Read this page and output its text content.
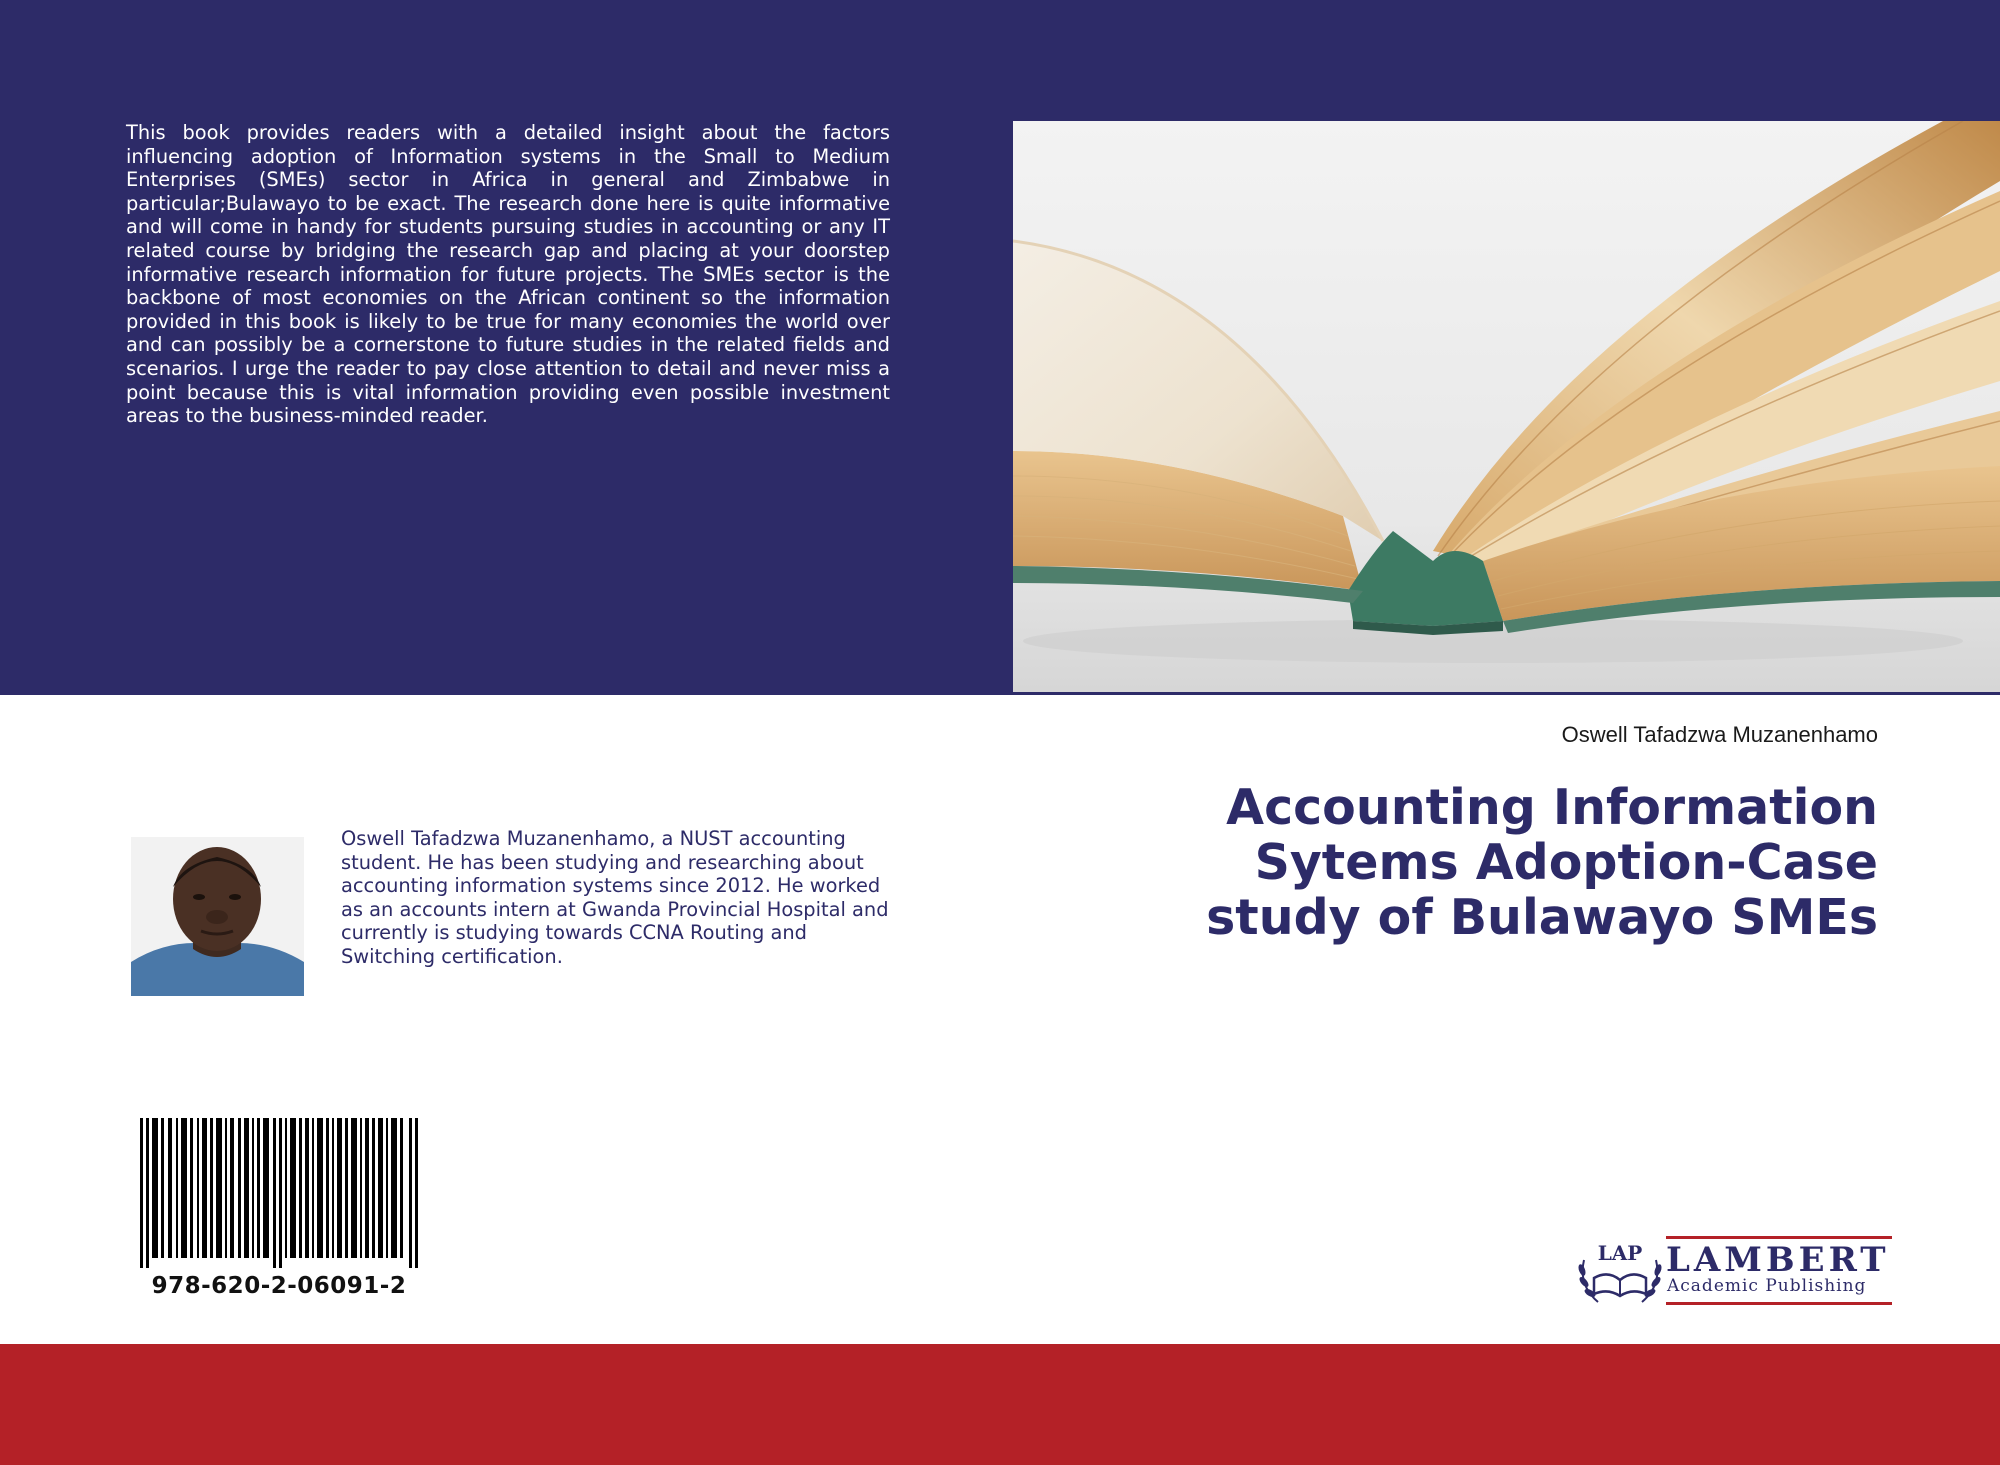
This book provides readers with a detailed insight about the factors influencing adoption of Information systems in the Small to Medium Enterprises (SMEs) sector in Africa in general and Zimbabwe in particular;Bulawayo to be exact. The research done here is quite informative and will come in handy for students pursuing studies in accounting or any IT related course by bridging the research gap and placing at your doorstep informative research information for future projects. The SMEs sector is the backbone of most economies on the African continent so the information provided in this book is likely to be true for many economies the world over and can possibly be a cornerstone to future studies in the related fields and scenarios. I urge the reader to pay close attention to detail and never miss a point because this is vital information providing even possible investment areas to the business-minded reader.
Oswell Tafadzwa Muzanenhamo
Accounting Information Sytems Adoption-Case study of Bulawayo SMEs
Oswell Tafadzwa Muzanenhamo, a NUST accounting student. He has been studying and researching about accounting information systems since 2012. He worked as an accounts intern at Gwanda Provincial Hospital and currently is studying towards CCNA Routing and Switching certification.
978-620-2-06091-2
LAP LAMBERT
Academic Publishing
